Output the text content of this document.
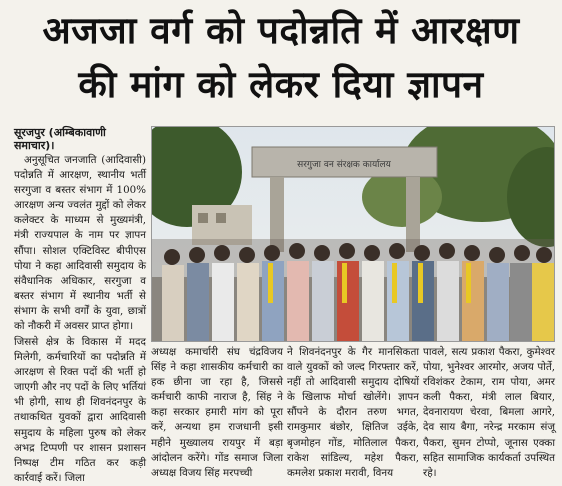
अजजा वर्ग को पदोन्नति में आरक्षण
की मांग को लेकर दिया ज्ञापन
सूरजपुर (अम्बिकावाणी समाचार)।

अनुसूचित जनजाति (आदिवासी) पदोन्नति में आरक्षण, स्थानीय भर्ती सरगुजा व बस्तर संभाग में 100% आरक्षण अन्य ज्वलंत मुद्दों को लेकर कलेक्टर के माध्यम से मुख्यमंत्री, मंत्री राज्यपाल के नाम पर ज्ञापन सौंपा। सोशल एक्टिविस्ट बीपीएस पोया ने कहा आदिवासी समुदाय के संवैधानिक अधिकार, सरगुजा व बस्तर संभाग में स्थानीय भर्ती से संभाग के सभी वर्गों के युवा, छात्रों को नौकरी में अवसर प्राप्त होगा।

जिससे क्षेत्र के विकास में मदद मिलेगी, कर्मचारियों का पदोन्नति में आरक्षण से रिक्त पदों की भर्ती हो जाएगी और नए पदों के लिए भर्तियां भी होगी, साथ ही शिवनंदनपुर के तथाकथित युवकों द्वारा आदिवासी समुदाय के महिला पुरुष को लेकर अभद्र टिप्पणी पर शासन प्रशासन निष्पक्ष टीम गठित कर कड़ी कार्रवाई करें। जिला

सरगुजा वन संरक्षक कार्यालय

अध्यक्ष कमार्चारी संघ चंद्रविजय सिंह ने कहा शासकीय कर्मचारी का हक छीना जा रहा है, जिससे कर्मचारी काफी नाराज है, सिंह ने कहा सरकार हमारी मांग को पूरा करें, अन्यथा हम राजधानी इसी महीने मुख्यालय रायपुर में बड़ा आंदोलन करेंगे। गोंड समाज जिला अध्यक्ष विजय सिंह मरपच्ची

ने शिवनंदनपुर के गैर मानसिकता वाले युवकों को जल्द गिरफ्तार करें, नहीं तो आदिवासी समुदाय दोषियों के खिलाफ मोर्चा खोलेंगे। ज्ञापन सौंपने के दौरान तरुण भगत, रामकुमार बंछोर, क्षितिज उईके, बृजमोहन गोंड, मोतिलाल पैकरा, राकेश सांडिल्य, महेश पैकरा, कमलेश प्रकाश मरावी, विनय

पावले, सत्य प्रकाश पैकरा, कुमेश्वर पोया, भुनेश्वर आरमोर, अजय पोर्ते, रविशंकर टेकाम, राम पोया, अमर कली पैकरा, मंत्री लाल बियार, देवनारायण चेरवा, बिमला आगरे, देव साय बैगा, नरेन्द्र मरकाम संजू पैकरा, सुमन टोप्पो, जूनास एक्का सहित सामाजिक कार्यकर्ता उपस्थित रहे।
